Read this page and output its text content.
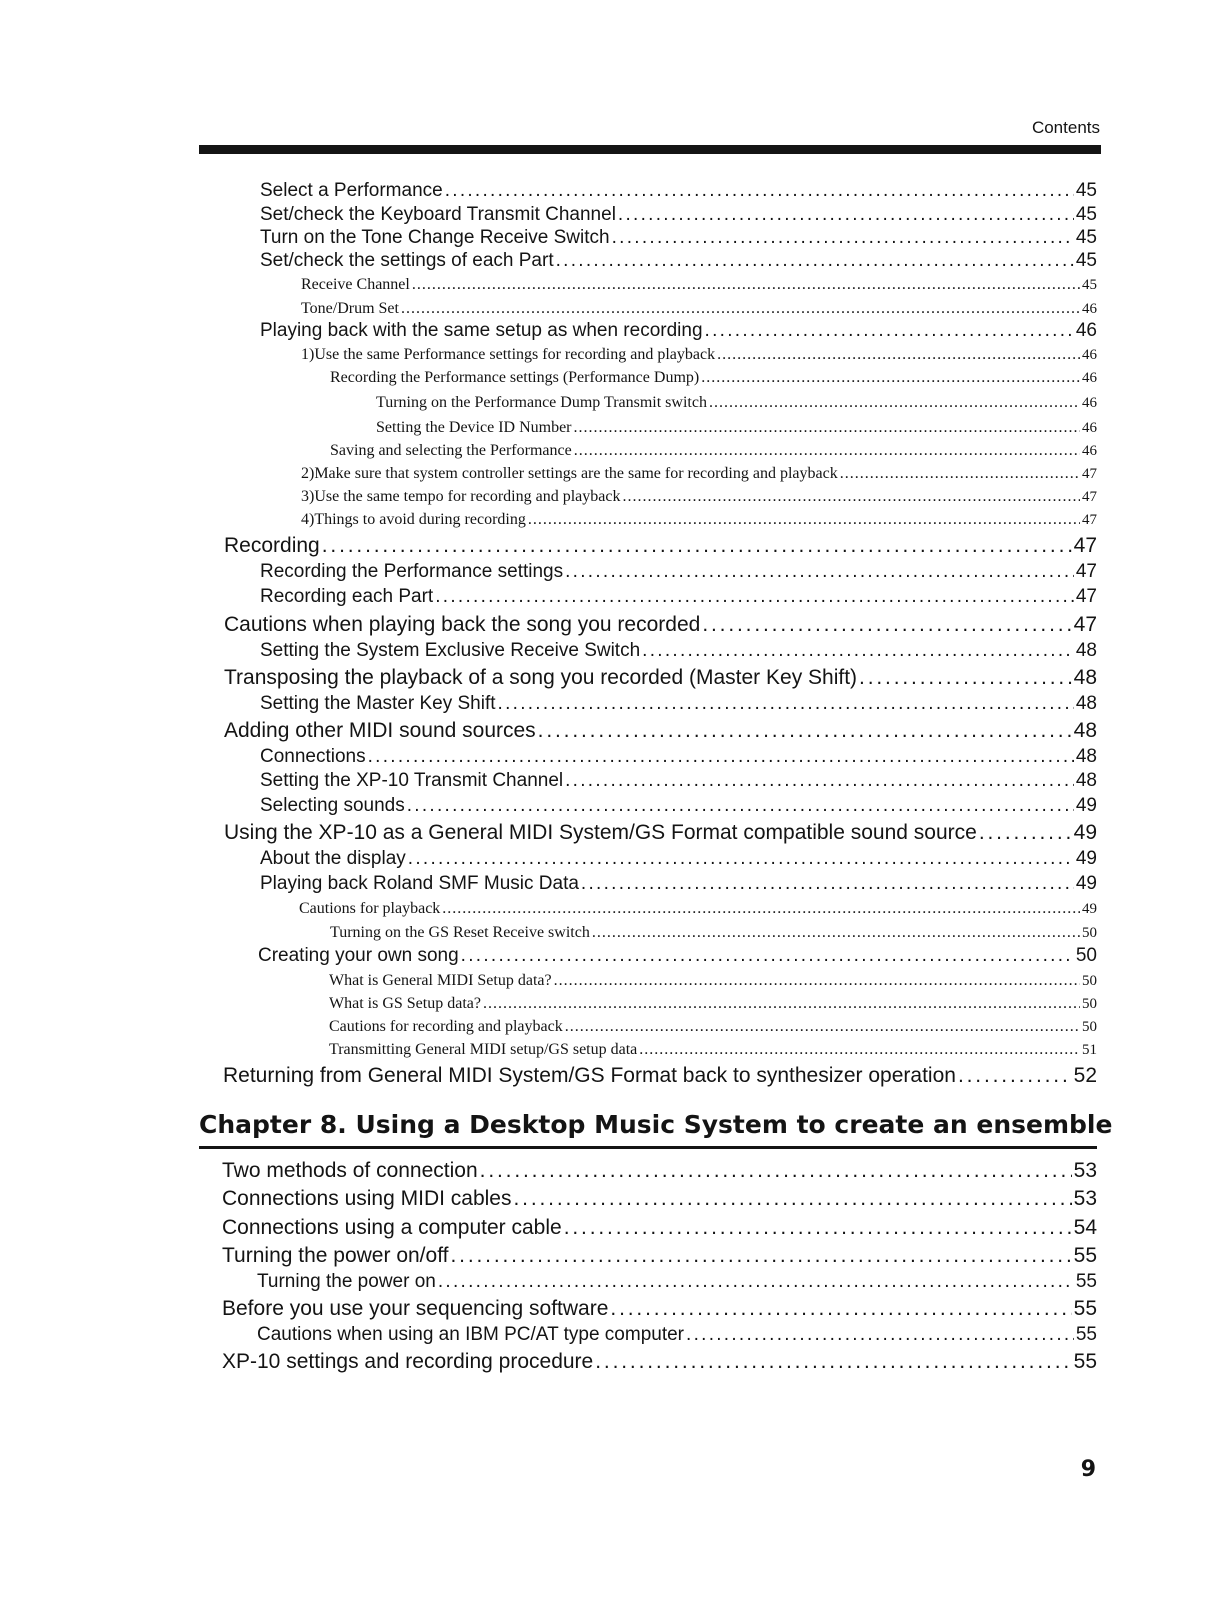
Contents
Select a Performance . . .	45
Set/check the Keyboard Transmit Channel . . .	45
Turn on the Tone Change Receive Switch . . .	45
Set/check the settings of each Part . . .	45
Receive Channel . . .	45
Tone/Drum Set . . .	46
Playing back with the same setup as when recording . . .	46
1) Use the same Performance settings for recording and playback . . .	46
Recording the Performance settings (Performance Dump) . . .	46
Turning on the Performance Dump Transmit switch . . .	46
Setting the Device ID Number . . .	46
Saving and selecting the Performance . . .	46
2) Make sure that system controller settings are the same for recording and playback . . .	47
3) Use the same tempo for recording and playback . . .	47
4) Things to avoid during recording . . .	47
Recording . . .	47
Recording the Performance settings . . .	47
Recording each Part . . .	47
Cautions when playing back the song you recorded . . .	47
Setting the System Exclusive Receive Switch . . .	48
Transposing the playback of a song you recorded (Master Key Shift) . . .	48
Setting the Master Key Shift . . .	48
Adding other MIDI sound sources . . .	48
Connections . . .	48
Setting the XP-10 Transmit Channel . . .	48
Selecting sounds . . .	49
Using the XP-10 as a General MIDI System/GS Format compatible sound source . . .	49
About the display . . .	49
Playing back Roland SMF Music Data . . .	49
Cautions for playback . . .	49
Turning on the GS Reset Receive switch . . .	50
Creating your own song . . .	50
What is General MIDI Setup data? . . .	50
What is GS Setup data? . . .	50
Cautions for recording and playback . . .	50
Transmitting General MIDI setup/GS setup data . . .	51
Returning from General MIDI System/GS Format back to synthesizer operation . . .	52
Chapter 8. Using a Desktop Music System to create an ensemble
Two methods of connection . . .	53
Connections using MIDI cables . . .	53
Connections using a computer cable . . .	54
Turning the power on/off . . .	55
Turning the power on . . .	55
Before you use your sequencing software . . .	55
Cautions when using an IBM PC/AT type computer . . .	55
XP-10 settings and recording procedure . . .	55
9
